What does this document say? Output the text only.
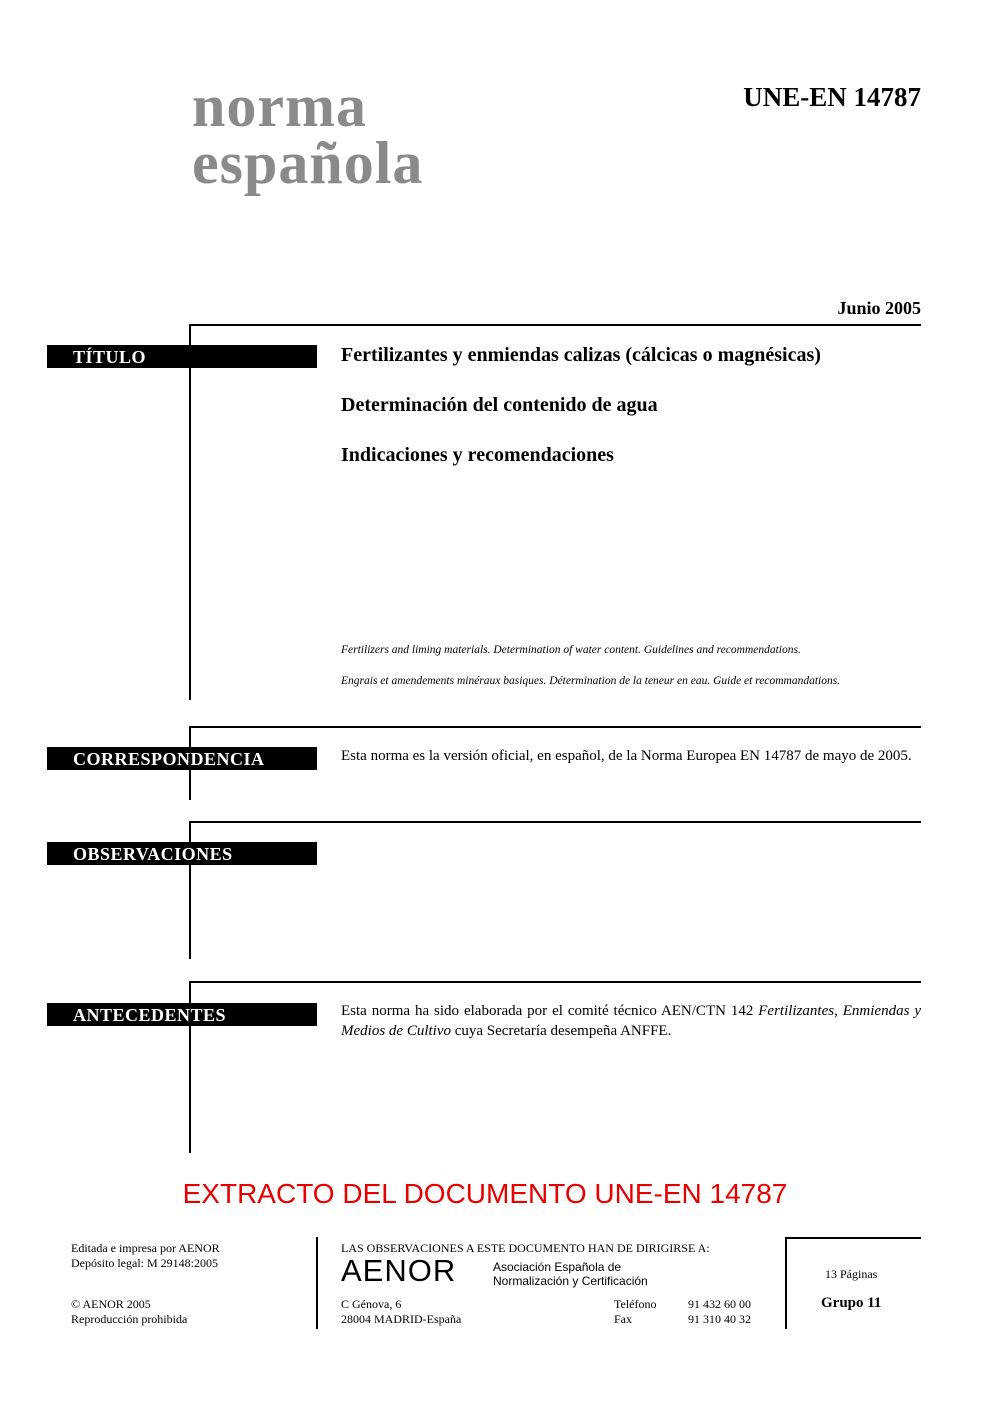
norma
española
UNE-EN 14787
Junio 2005
TÍTULO	Fertilizantes y enmiendas calizas (cálcicas o magnésicas)
Determinación del contenido de agua
Indicaciones y recomendaciones
Fertilizers and liming materials. Determination of water content. Guidelines and recommendations.
Engrais et amendements minéraux basiques. Détermination de la teneur en eau. Guide et recommandations.
CORRESPONDENCIA	Esta norma es la versión oficial, en español, de la Norma Europea EN 14787 de mayo de 2005.
OBSERVACIONES
ANTECEDENTES	Esta norma ha sido elaborada por el comité técnico AEN/CTN 142 Fertilizantes, Enmiendas y Medios de Cultivo cuya Secretaría desempeña ANFFE.
EXTRACTO DEL DOCUMENTO UNE-EN 14787
Editada e impresa por AENOR
Depósito legal: M 29148:2005
© AENOR 2005
Reproducción prohibida
LAS OBSERVACIONES A ESTE DOCUMENTO HAN DE DIRIGIRSE A:
AENOR	Asociación Española de
Normalización y Certificación
C Génova, 6
28004 MADRID-España
Teléfono	91 432 60 00
Fax	91 310 40 32
13 Páginas
Grupo 11
